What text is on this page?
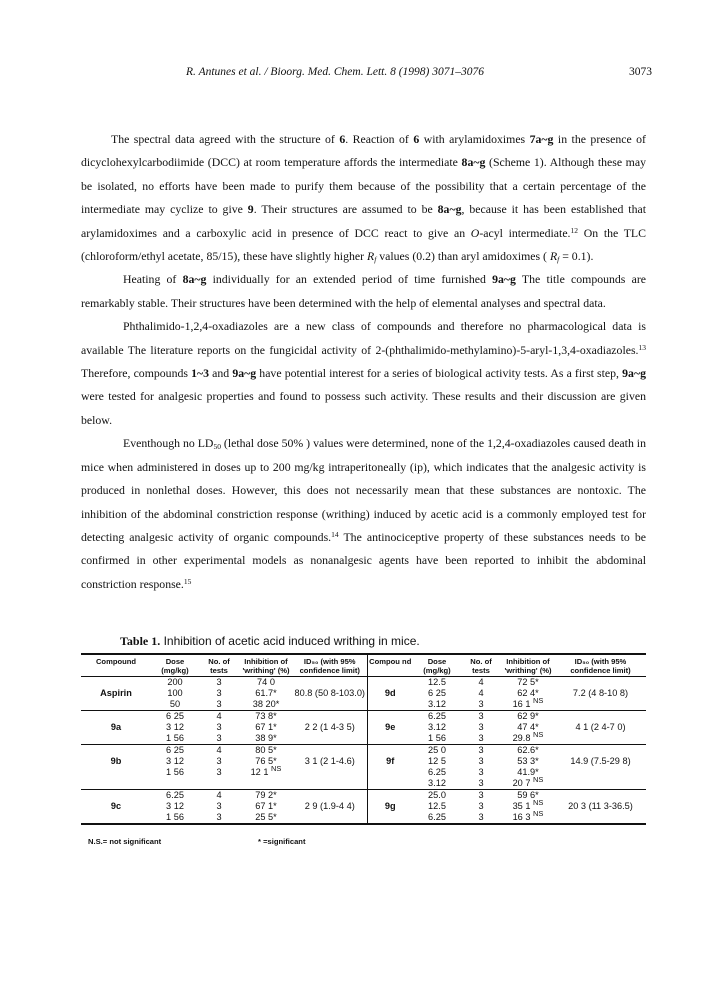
R. Antunes et al. / Bioorg. Med. Chem. Lett. 8 (1998) 3071–3076	3073

The spectral data agreed with the structure of 6. Reaction of 6 with arylamidoximes 7a~g in the presence of dicyclohexylcarbodiimide (DCC) at room temperature affords the intermediate 8a~g (Scheme 1). Although these may be isolated, no efforts have been made to purify them because of the possibility that a certain percentage of the intermediate may cyclize to give 9. Their structures are assumed to be 8a~g, because it has been established that arylamidoximes and a carboxylic acid in presence of DCC react to give an O-acyl intermediate.$^{12}$ On the TLC (chloroform/ethyl acetate, 85/15), these have slightly higher $R_f$ values (0.2) than aryl amidoximes ( $R_f = 0.1$).

Heating of 8a~g individually for an extended period of time furnished 9a~g The title compounds are remarkably stable. Their structures have been determined with the help of elemental analyses and spectral data.

Phthalimido-1,2,4-oxadiazoles are a new class of compounds and therefore no pharmacological data is available The literature reports on the fungicidal activity of 2-(phthalimido-methylamino)-5-aryl-1,3,4-oxadiazoles.$^{13}$ Therefore, compounds 1~3 and 9a~g have potential interest for a series of biological activity tests. As a first step, 9a~g were tested for analgesic properties and found to possess such activity. These results and their discussion are given below.

Eventhough no $LD_{50}$ (lethal dose 50% ) values were determined, none of the 1,2,4-oxadiazoles caused death in mice when administered in doses up to 200 mg/kg intraperitoneally (ip), which indicates that the analgesic activity is produced in nonlethal doses. However, this does not necessarily mean that these substances are nontoxic. The inhibition of the abdominal constriction response (writhing) induced by acetic acid is a commonly employed test for detecting analgesic activity of organic compounds.$^{14}$ The antinociceptive property of these substances needs to be confirmed in other experimental models as nonanalgesic agents have been reported to inhibit the abdominal constriction response.$^{15}$

Table 1. Inhibition of acetic acid induced writhing in mice.
Compound	Dose (mg/kg)	No. of tests	Inhibition of 'writhing' (%)	ID₅₀ (with 95% confidence limit)	Compou nd	Dose (mg/kg)	No. of tests	Inhibition of 'writhing' (%)	ID₅₀ (with 95% confidence limit)
	200	3	74 0			12.5	4	72 5*	
Aspirin	100	3	61.7*	80.8 (50 8-103.0)	9d	6 25	4	62 4*	7.2 (4 8-10 8)
	50	3	38 20*			3.12	3	16 1 $^{NS}$	
	6 25	4	73 8*			6.25	3	62 9*	
9a	3 12	3	67 1*	2 2 (1 4-3 5)	9e	3.12	3	47 4*	4 1 (2 4-7 0)
	1 56	3	38 9*			1 56	3	29.8 $^{NS}$	
	6 25	4	80 5*			25 0	3	62.6*	
9b	3 12	3	76 5*	3 1 (2 1-4.6)	9f	12 5	3	53 3*	14.9 (7.5-29 8)
	1 56	3	12 1 $^{NS}$			6.25	3	41.9*	
						3.12	3	20 7 $^{NS}$	
	6.25	4	79 2*			25.0	3	59 6*	
9c	3 12	3	67 1*	2 9 (1.9-4 4)	9g	12.5	3	35 1 $^{NS}$	20 3 (11 3-36.5)
	1 56	3	25 5*			6.25	3	16 3 $^{NS}$	
N.S.= not significant	* =significant
